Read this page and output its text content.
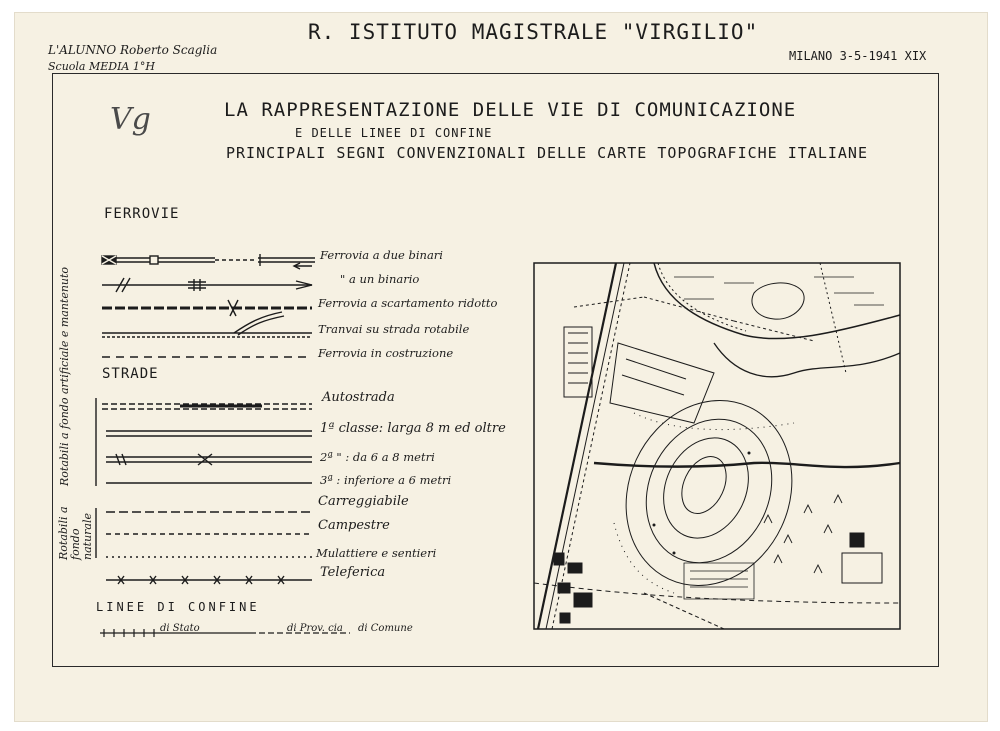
R. ISTITUTO MAGISTRALE "VIRGILIO"
L'ALUNNO Roberto Scaglia
Scuola MEDIA 1°H
MILANO 3-5-1941 XIX
Vg	LA RAPPRESENTAZIONE DELLE VIE DI COMUNICAZIONE
E DELLE LINEE DI CONFINE
PRINCIPALI SEGNI CONVENZIONALI DELLE CARTE TOPOGRAFICHE ITALIANE
FERROVIE
Ferrovia a due binari
" a un binario
Ferrovia a scartamento ridotto
Tranvai su strada rotabile
Ferrovia in costruzione
STRADE
Rotabili a fondo artificiale e mantenuto
Rotabili a fondo naturale
Autostrada
1ª classe: larga 8 m ed oltre
2ª " : da 6 a 8 metri
3ª : inferiore a 6 metri
Carreggiabile
Campestre
Mulattiere e sentieri
Teleferica
LINEE DI CONFINE
di Stato	di Prov. cia di Comune
